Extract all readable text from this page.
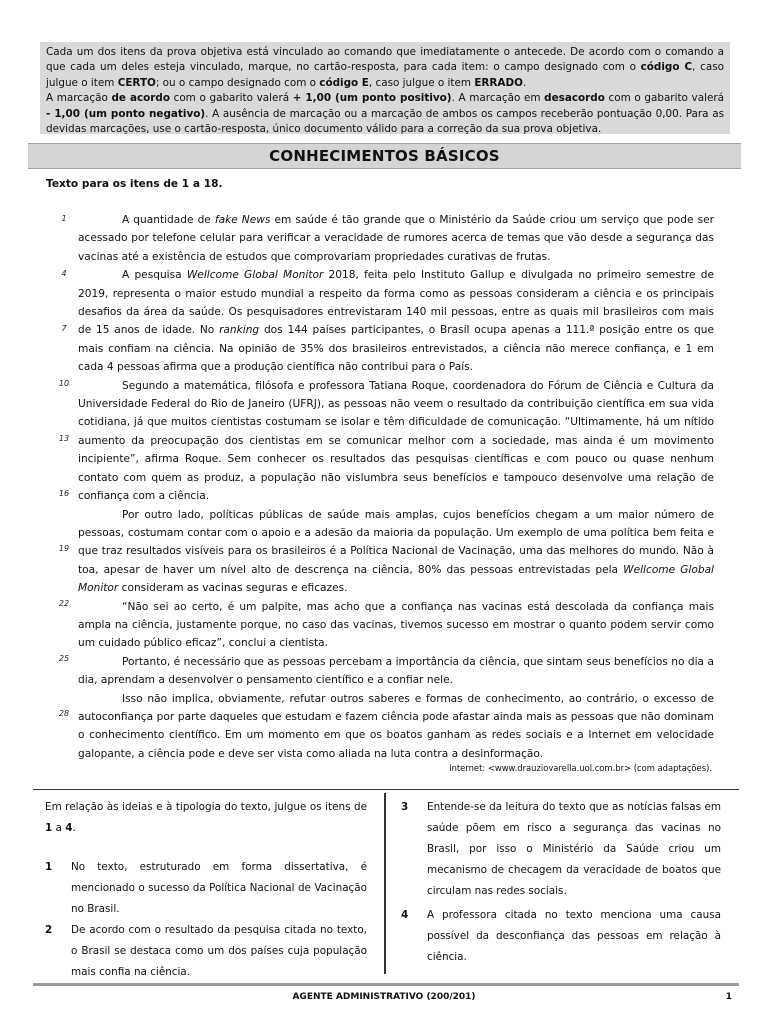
Cada um dos itens da prova objetiva está vinculado ao comando que imediatamente o antecede. De acordo com o comando a que cada um deles esteja vinculado, marque, no cartão-resposta, para cada item: o campo designado com o código C, caso julgue o item CERTO; ou o campo designado com o código E, caso julgue o item ERRADO.

A marcação de acordo com o gabarito valerá + 1,00 (um ponto positivo). A marcação em desacordo com o gabarito valerá - 1,00 (um ponto negativo). A ausência de marcação ou a marcação de ambos os campos receberão pontuação 0,00. Para as devidas marcações, use o cartão-resposta, único documento válido para a correção da sua prova objetiva.

CONHECIMENTOS BÁSICOS
Texto para os itens de 1 a 18.
1
4
7
10
13
16
19
22
25
28

A quantidade de fake News em saúde é tão grande que o Ministério da Saúde criou um serviço que pode ser acessado por telefone celular para verificar a veracidade de rumores acerca de temas que vão desde a segurança das vacinas até a existência de estudos que comprovariam propriedades curativas de frutas.

A pesquisa Wellcome Global Monitor 2018, feita pelo Instituto Gallup e divulgada no primeiro semestre de 2019, representa o maior estudo mundial a respeito da forma como as pessoas consideram a ciência e os principais desafios da área da saúde. Os pesquisadores entrevistaram 140 mil pessoas, entre as quais mil brasileiros com mais de 15 anos de idade. No ranking dos 144 países participantes, o Brasil ocupa apenas a 111.ª posição entre os que mais confiam na ciência. Na opinião de 35% dos brasileiros entrevistados, a ciência não merece confiança, e 1 em cada 4 pessoas afirma que a produção científica não contribui para o País.

Segundo a matemática, filósofa e professora Tatiana Roque, coordenadora do Fórum de Ciência e Cultura da Universidade Federal do Rio de Janeiro (UFRJ), as pessoas não veem o resultado da contribuição científica em sua vida cotidiana, já que muitos cientistas costumam se isolar e têm dificuldade de comunicação. “Ultimamente, há um nítido aumento da preocupação dos cientistas em se comunicar melhor com a sociedade, mas ainda é um movimento incipiente”, afirma Roque. Sem conhecer os resultados das pesquisas científicas e com pouco ou quase nenhum contato com quem as produz, a população não vislumbra seus benefícios e tampouco desenvolve uma relação de confiança com a ciência.

Por outro lado, políticas públicas de saúde mais amplas, cujos benefícios chegam a um maior número de pessoas, costumam contar com o apoio e a adesão da maioria da população. Um exemplo de uma política bem feita e que traz resultados visíveis para os brasileiros é a Política Nacional de Vacinação, uma das melhores do mundo. Não à toa, apesar de haver um nível alto de descrença na ciência, 80% das pessoas entrevistadas pela Wellcome Global Monitor consideram as vacinas seguras e eficazes.

“Não sei ao certo, é um palpite, mas acho que a confiança nas vacinas está descolada da confiança mais ampla na ciência, justamente porque, no caso das vacinas, tivemos sucesso em mostrar o quanto podem servir como um cuidado público eficaz”, conclui a cientista.

Portanto, é necessário que as pessoas percebam a importância da ciência, que sintam seus benefícios no dia a dia, aprendam a desenvolver o pensamento científico e a confiar nele.

Isso não implica, obviamente, refutar outros saberes e formas de conhecimento, ao contrário, o excesso de autoconfiança por parte daqueles que estudam e fazem ciência pode afastar ainda mais as pessoas que não dominam o conhecimento científico. Em um momento em que os boatos ganham as redes sociais e a Internet em velocidade galopante, a ciência pode e deve ser vista como aliada na luta contra a desinformação.

Internet: <www.drauziovarella.uol.com.br> (com adaptações).

Em relação às ideias e à tipologia do texto, julgue os itens de 1 a 4.

1	No texto, estruturado em forma dissertativa, é mencionado o sucesso da Política Nacional de Vacinação no Brasil.
2	De acordo com o resultado da pesquisa citada no texto, o Brasil se destaca como um dos países cuja população mais confia na ciência.
3	Entende-se da leitura do texto que as notícias falsas em saúde põem em risco a segurança das vacinas no Brasil, por isso o Ministério da Saúde criou um mecanismo de checagem da veracidade de boatos que circulam nas redes sociais.
4	A professora citada no texto menciona uma causa possível da desconfiança das pessoas em relação à ciência.
AGENTE ADMINISTRATIVO (200/201)	1
